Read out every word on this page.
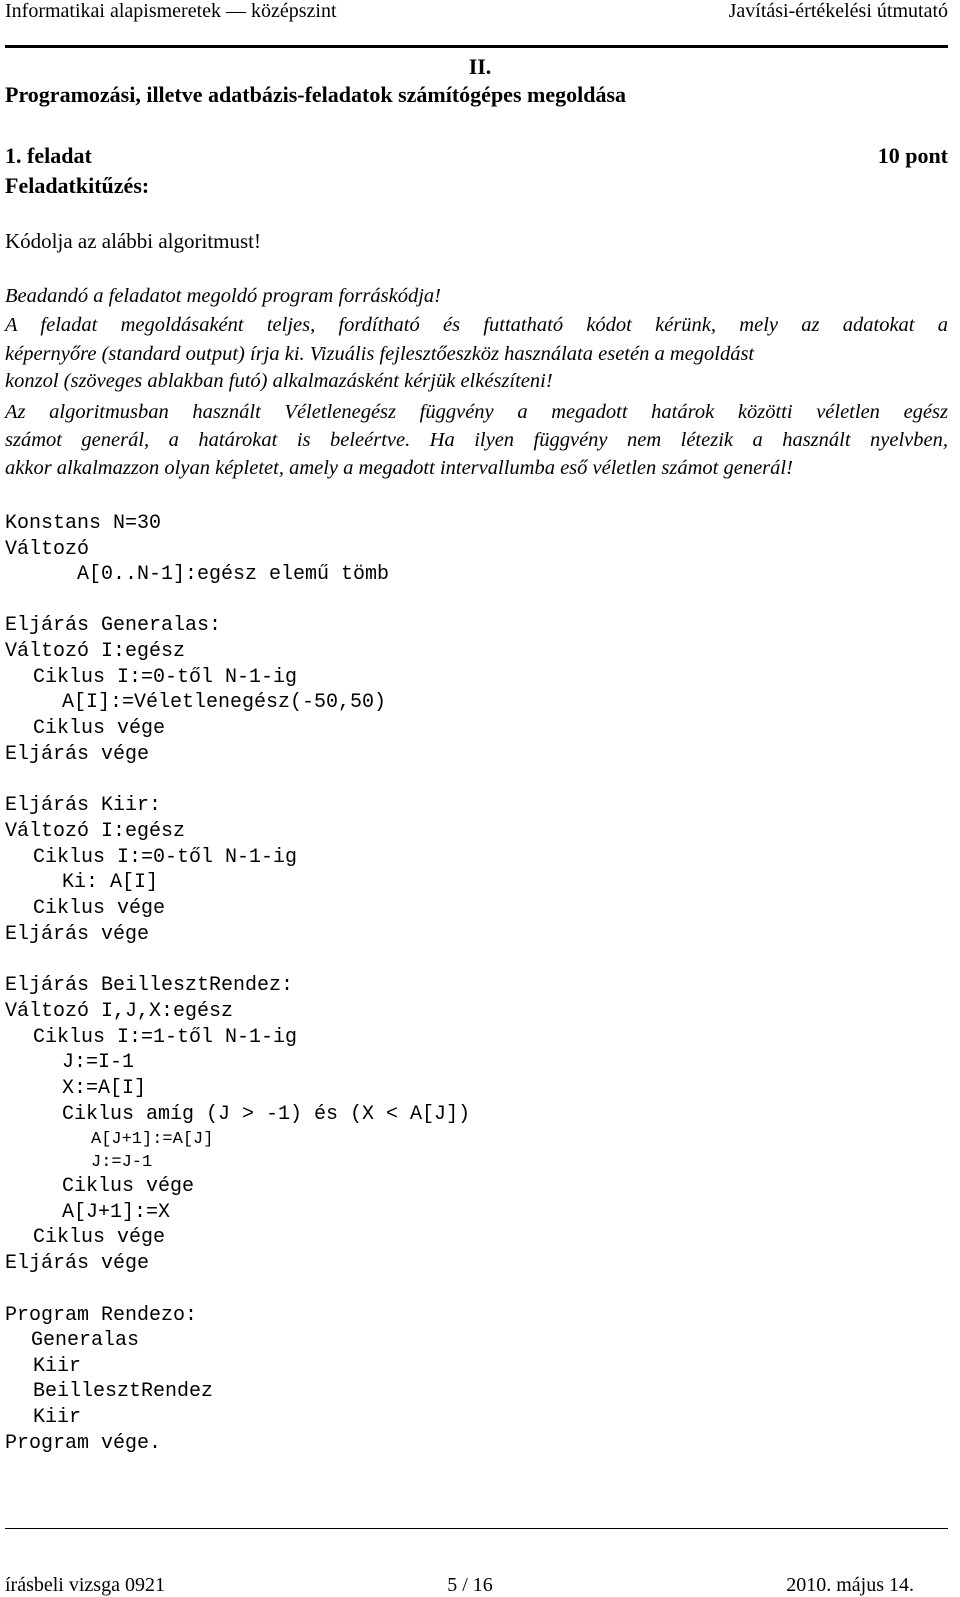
Informatikai alapismeretek — középszint	Javítási-értékelési útmutató
II.
Programozási, illetve adatbázis-feladatok számítógépes megoldása
1. feladat	10 pont
Feladatkitűzés:
Kódolja az alábbi algoritmust!
Beadandó a feladatot megoldó program forráskódja!
A feladat megoldásaként teljes, fordítható és futtatható kódot kérünk, mely az adatokat a
képernyőre (standard output) írja ki. Vizuális fejlesztőeszköz használata esetén a megoldást
konzol (szöveges ablakban futó) alkalmazásként kérjük elkészíteni!
Az algoritmusban használt Véletlenegész függvény a megadott határok közötti véletlen egész
számot generál, a határokat is beleértve. Ha ilyen függvény nem létezik a használt nyelvben,
akkor alkalmazzon olyan képletet, amely a megadott intervallumba eső véletlen számot generál!
Konstans N=30
Változó
A[0..N-1]:egész elemű tömb
Eljárás Generalas:
Változó I:egész
Ciklus I:=0-től N-1-ig
A[I]:=Véletlenegész(-50,50)
Ciklus vége
Eljárás vége
Eljárás Kiir:
Változó I:egész
Ciklus I:=0-től N-1-ig
Ki: A[I]
Ciklus vége
Eljárás vége
Eljárás BeillesztRendez:
Változó I,J,X:egész
Ciklus I:=1-től N-1-ig
J:=I-1
X:=A[I]
Ciklus amíg (J > -1) és (X < A[J])
A[J+1]:=A[J]
J:=J-1
Ciklus vége
A[J+1]:=X
Ciklus vége
Eljárás vége
Program Rendezo:
Generalas
Kiir
BeillesztRendez
Kiir
Program vége.
írásbeli vizsga 0921	5 / 16	2010. május 14.
